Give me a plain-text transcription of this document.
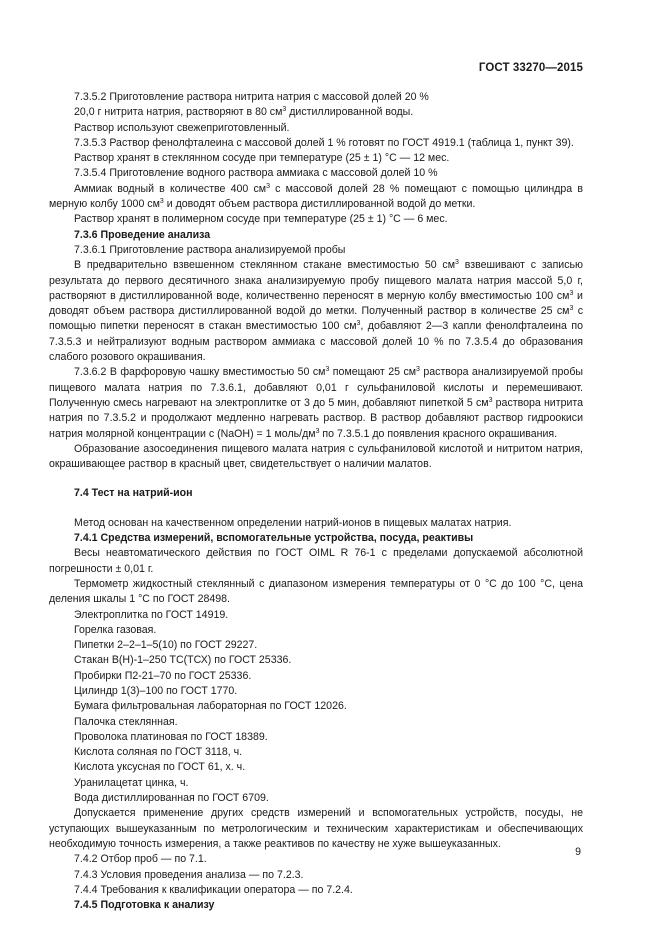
ГОСТ 33270—2015

7.3.5.2 Приготовление раствора нитрита натрия с массовой долей 20 %

20,0 г нитрита натрия, растворяют в 80 $см^3$ дистиллированной воды.

Раствор используют свежеприготовленный.

7.3.5.3 Раствор фенолфталеина с массовой долей 1 % готовят по ГОСТ 4919.1 (таблица 1, пункт 39).

Раствор хранят в стеклянном сосуде при температуре (25 ± 1) °С — 12 мес.

7.3.5.4 Приготовление водного раствора аммиака с массовой долей 10 %

Аммиак водный в количестве 400 $см^3$ с массовой долей 28 % помещают с помощью цилиндра в мерную колбу 1000 $см^3$ и доводят объем раствора дистиллированной водой до метки.

Раствор хранят в полимерном сосуде при температуре (25 ± 1) °С — 6 мес.

7.3.6 Проведение анализа

7.3.6.1 Приготовление раствора анализируемой пробы

В предварительно взвешенном стеклянном стакане вместимостью 50 $см^3$ взвешивают с записью результата до первого десятичного знака анализируемую пробу пищевого малата натрия массой 5,0 г, растворяют в дистиллированной воде, количественно переносят в мерную колбу вместимостью 100 $см^3$ и доводят объем раствора дистиллированной водой до метки. Полученный раствор в количестве 25 $см^3$ с помощью пипетки переносят в стакан вместимостью 100 $см^3$, добавляют 2—3 капли фенолфталеина по 7.3.5.3 и нейтрализуют водным раствором аммиака с массовой долей 10 % по 7.3.5.4 до образования слабого розового окрашивания.

7.3.6.2 В фарфоровую чашку вместимостью 50 $см^3$ помещают 25 $см^3$ раствора анализируемой пробы пищевого малата натрия по 7.3.6.1, добавляют 0,01 г сульфаниловой кислоты и перемешивают. Полученную смесь нагревают на электроплитке от 3 до 5 мин, добавляют пипеткой 5 $см^3$ раствора нитрита натрия по 7.3.5.2 и продолжают медленно нагревать раствор. В раствор добавляют раствор гидроокиси натрия молярной концентрации с (NaOH) = 1 моль/$дм^3$ по 7.3.5.1 до появления красного окрашивания.

Образование азосоединения пищевого малата натрия с сульфаниловой кислотой и нитритом натрия, окрашивающее раствор в красный цвет, свидетельствует о наличии малатов.

7.4 Тест на натрий-ион

Метод основан на качественном определении натрий-ионов в пищевых малатах натрия.

7.4.1 Средства измерений, вспомогательные устройства, посуда, реактивы

Весы неавтоматического действия по ГОСТ OIML R 76-1 с пределами допускаемой абсолютной погрешности ± 0,01 г.

Термометр жидкостный стеклянный с диапазоном измерения температуры от 0 °С до 100 °С, цена деления шкалы 1 °С по ГОСТ 28498.

Электроплитка по ГОСТ 14919.

Горелка газовая.

Пипетки 2–2–1–5(10) по ГОСТ 29227.

Стакан В(Н)-1–250 ТС(ТСХ) по ГОСТ 25336.

Пробирки П2-21–70 по ГОСТ 25336.

Цилиндр 1(3)–100 по ГОСТ 1770.

Бумага фильтровальная лабораторная по ГОСТ 12026.

Палочка стеклянная.

Проволока платиновая по ГОСТ 18389.

Кислота соляная по ГОСТ 3118, ч.

Кислота уксусная по ГОСТ 61, х. ч.

Уранилацетат цинка, ч.

Вода дистиллированная по ГОСТ 6709.

Допускается применение других средств измерений и вспомогательных устройств, посуды, не уступающих вышеуказанным по метрологическим и техническим характеристикам и обеспечивающих необходимую точность измерения, а также реактивов по качеству не хуже вышеуказанных.

7.4.2 Отбор проб — по 7.1.

7.4.3 Условия проведения анализа — по 7.2.3.

7.4.4 Требования к квалификации оператора — по 7.2.4.

7.4.5 Подготовка к анализу

9
